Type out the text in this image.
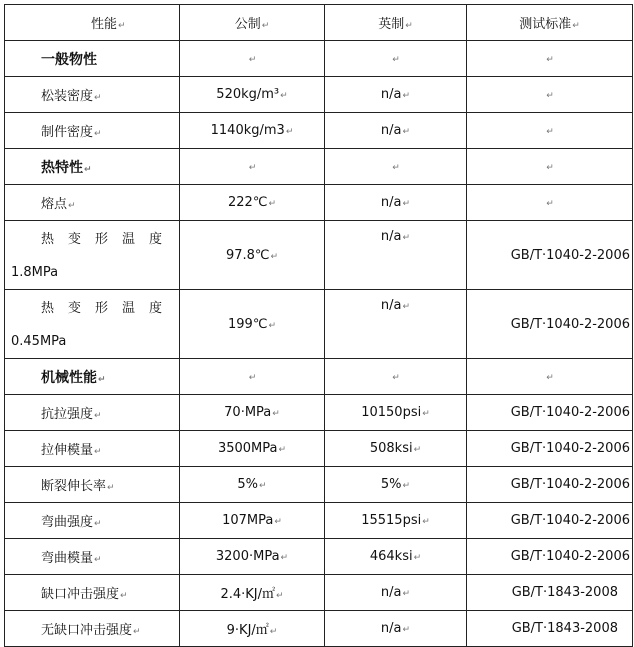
性能↵	公制↵	英制↵	测试标准↵
一般物性	↵	↵	↵
松装密度↵	520kg/m³↵	n/a↵	↵
制件密度↵	1140kg/m3↵	n/a↵	↵
热特性↵	↵	↵	↵
熔点↵	222℃↵	n/a↵	↵

热变形温度
1.8MPa	97.8℃↵	n/a↵	GB/T·1040-2-2006

热变形温度
0.45MPa	199℃↵	n/a↵	GB/T·1040-2-2006
机械性能↵	↵	↵	↵
抗拉强度↵	70·MPa↵	10150psi↵	GB/T·1040-2-2006
拉伸模量↵	3500MPa↵	508ksi↵	GB/T·1040-2-2006
断裂伸长率↵	5%↵	5%↵	GB/T·1040-2-2006
弯曲强度↵	107MPa↵	15515psi↵	GB/T·1040-2-2006
弯曲模量↵	3200·MPa↵	464ksi↵	GB/T·1040-2-2006
缺口冲击强度↵	2.4·KJ/㎡↵	n/a↵	GB/T·1843-2008
无缺口冲击强度↵	9·KJ/㎡↵	n/a↵	GB/T·1843-2008
